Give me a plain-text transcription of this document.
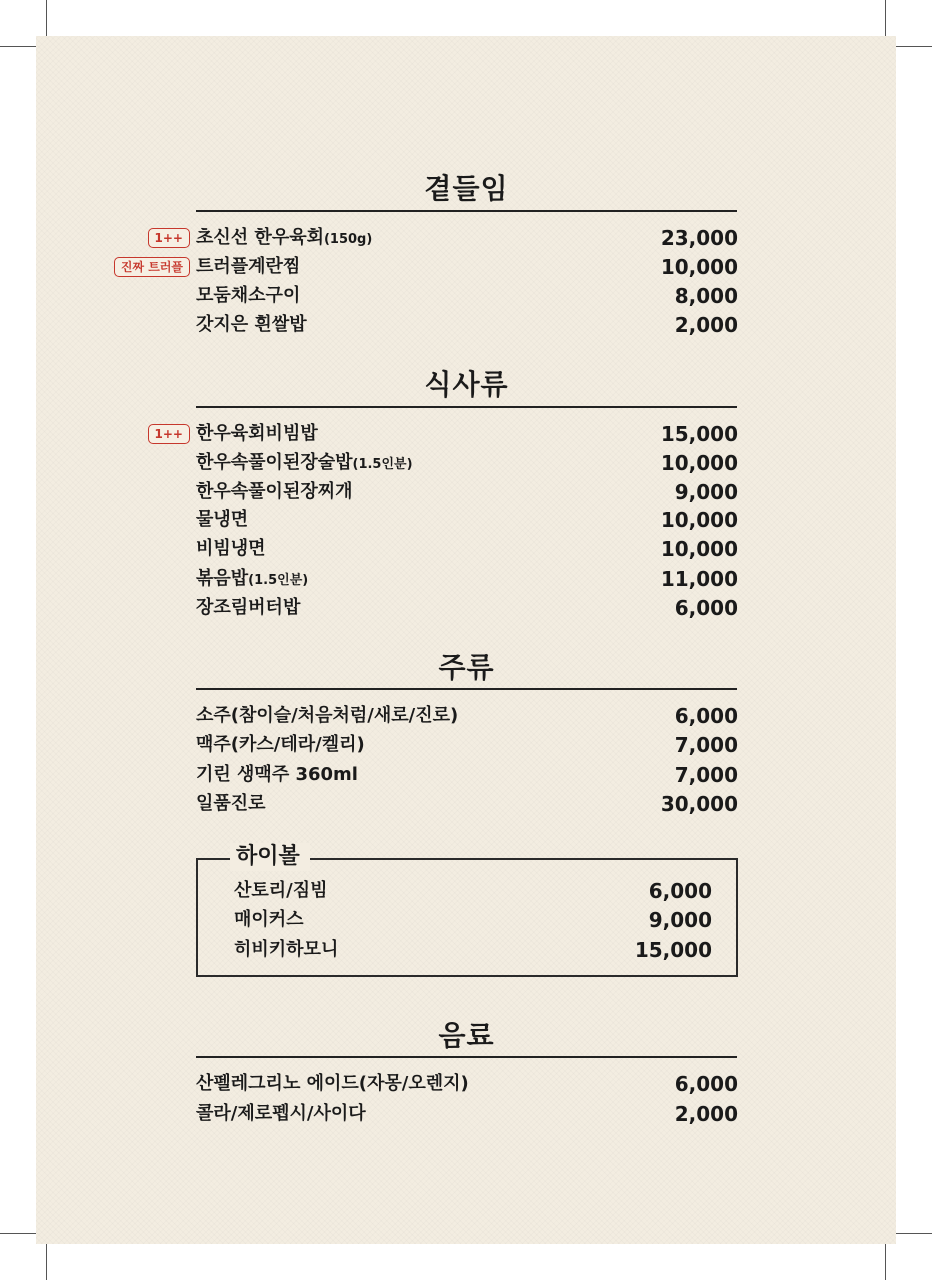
곁들임
1++ 초신선 한우육회(150g)	23,000
진짜 트러플 트러플계란찜	10,000
모둠채소구이	8,000
갓지은 흰쌀밥	2,000
식사류
1++ 한우육회비빔밥	15,000
한우속풀이된장술밥(1.5인분)	10,000
한우속풀이된장찌개	9,000
물냉면	10,000
비빔냉면	10,000
볶음밥(1.5인분)	11,000
장조림버터밥	6,000
주류
소주(참이슬/처음처럼/새로/진로)	6,000
맥주(카스/테라/켈리)	7,000
기린 생맥주 360ml	7,000
일품진로	30,000
하이볼
산토리/짐빔	6,000
매이커스	9,000
히비키하모니	15,000
음료
산펠레그리노 에이드(자몽/오렌지)	6,000
콜라/제로펩시/사이다	2,000
